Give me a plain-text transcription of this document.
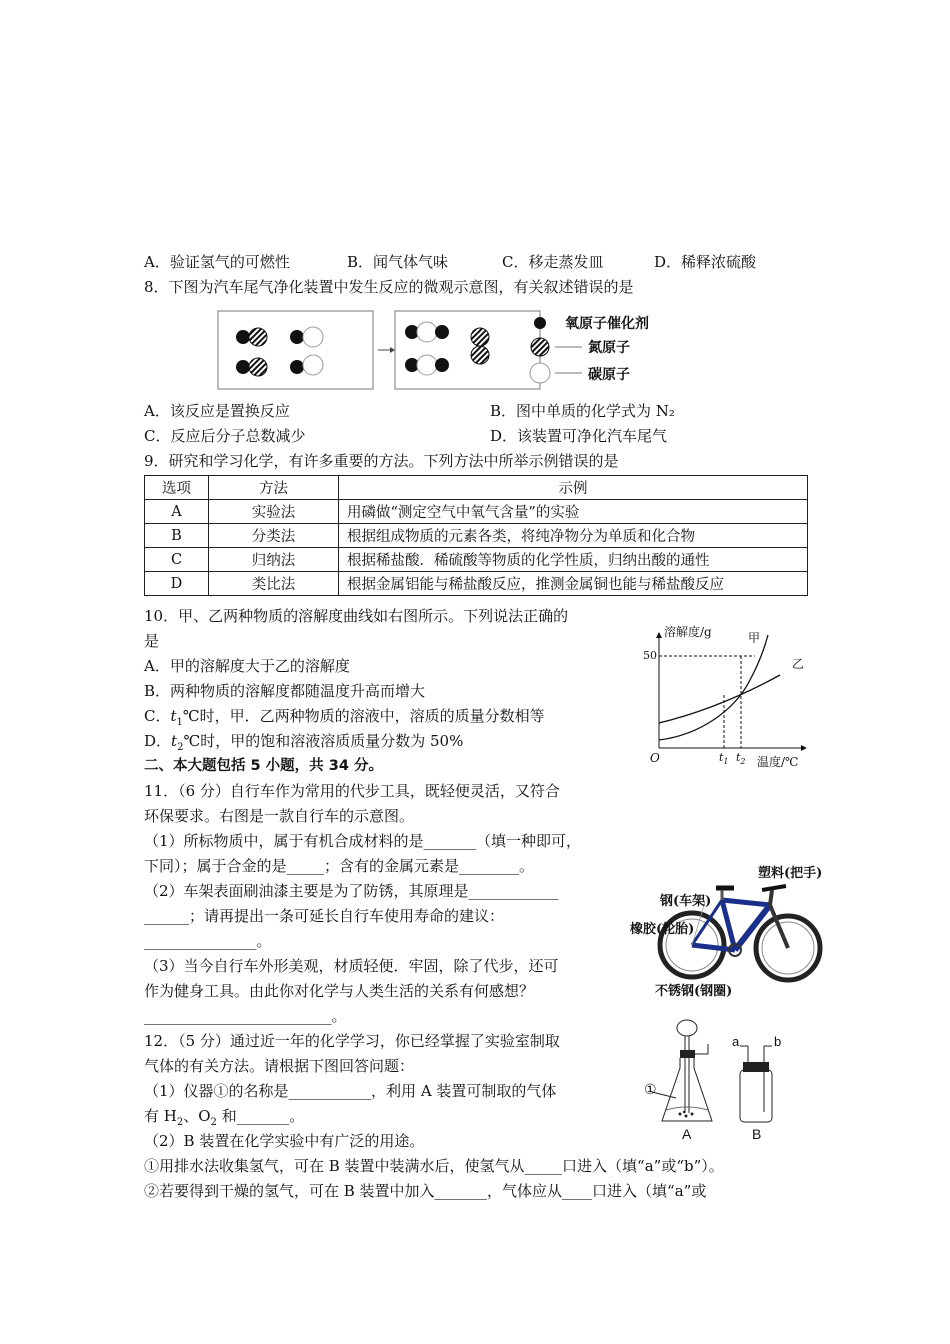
A．验证氢气的可燃性	B．闻气体气味	C．移走蒸发皿	D．稀释浓硫酸
8．下图为汽车尾气净化装置中发生反应的微观示意图，有关叙述错误的是
氧原子催化剂
氮原子
碳原子
A．该反应是置换反应	B．图中单质的化学式为 N₂
C．反应后分子总数减少	D．该装置可净化汽车尾气
9．研究和学习化学，有许多重要的方法。下列方法中所举示例错误的是
选项	方法	示例
A	实验法	用磷做“测定空气中氧气含量”的实验
B	分类法	根据组成物质的元素各类，将纯净物分为单质和化合物
C	归纳法	根据稀盐酸．稀硫酸等物质的化学性质，归纳出酸的通性
D	类比法	根据金属铝能与稀盐酸反应，推测金属铜也能与稀盐酸反应
10．甲、乙两种物质的溶解度曲线如右图所示。下列说法正确的
是
A．甲的溶解度大于乙的溶解度
B．两种物质的溶解度都随温度升高而增大
C．$t_1℃$时，甲．乙两种物质的溶液中，溶质的质量分数相等
D．$t_2℃$时，甲的饱和溶液溶质质量分数为 50%
溶解度/g	甲
乙
50
O	$t_1$ $t_2$ 温度/℃
二、本大题包括 5 小题，共 34 分。
11．（6 分）自行车作为常用的代步工具，既轻便灵活，又符合
环保要求。右图是一款自行车的示意图。
（1）所标物质中，属于有机合成材料的是_______（填一种即可，
下同）；属于合金的是_____；含有的金属元素是________。
（2）车架表面刷油漆主要是为了防锈，其原理是____________
______；请再提出一条可延长自行车使用寿命的建议：
_______________。
（3）当今自行车外形美观，材质轻便．牢固，除了代步，还可
作为健身工具。由此你对化学与人类生活的关系有何感想？
_________________________。
塑料(把手)
钢(车架)
橡胶(轮胎)
不锈钢(钢圈)
12．（5 分）通过近一年的化学学习，你已经掌握了实验室制取
气体的有关方法。请根据下图回答问题：
（1）仪器①的名称是___________，利用 A 装置可制取的气体
有 $H_2$、$O_2$ 和_______。
（2）B 装置在化学实验中有广泛的用途。
①用排水法收集氢气，可在 B 装置中装满水后，使氢气从_____口进入（填“a”或“b”）。
②若要得到干燥的氢气，可在 B 装置中加入_______，气体应从____口进入（填“a”或
①
A	B
a	b
